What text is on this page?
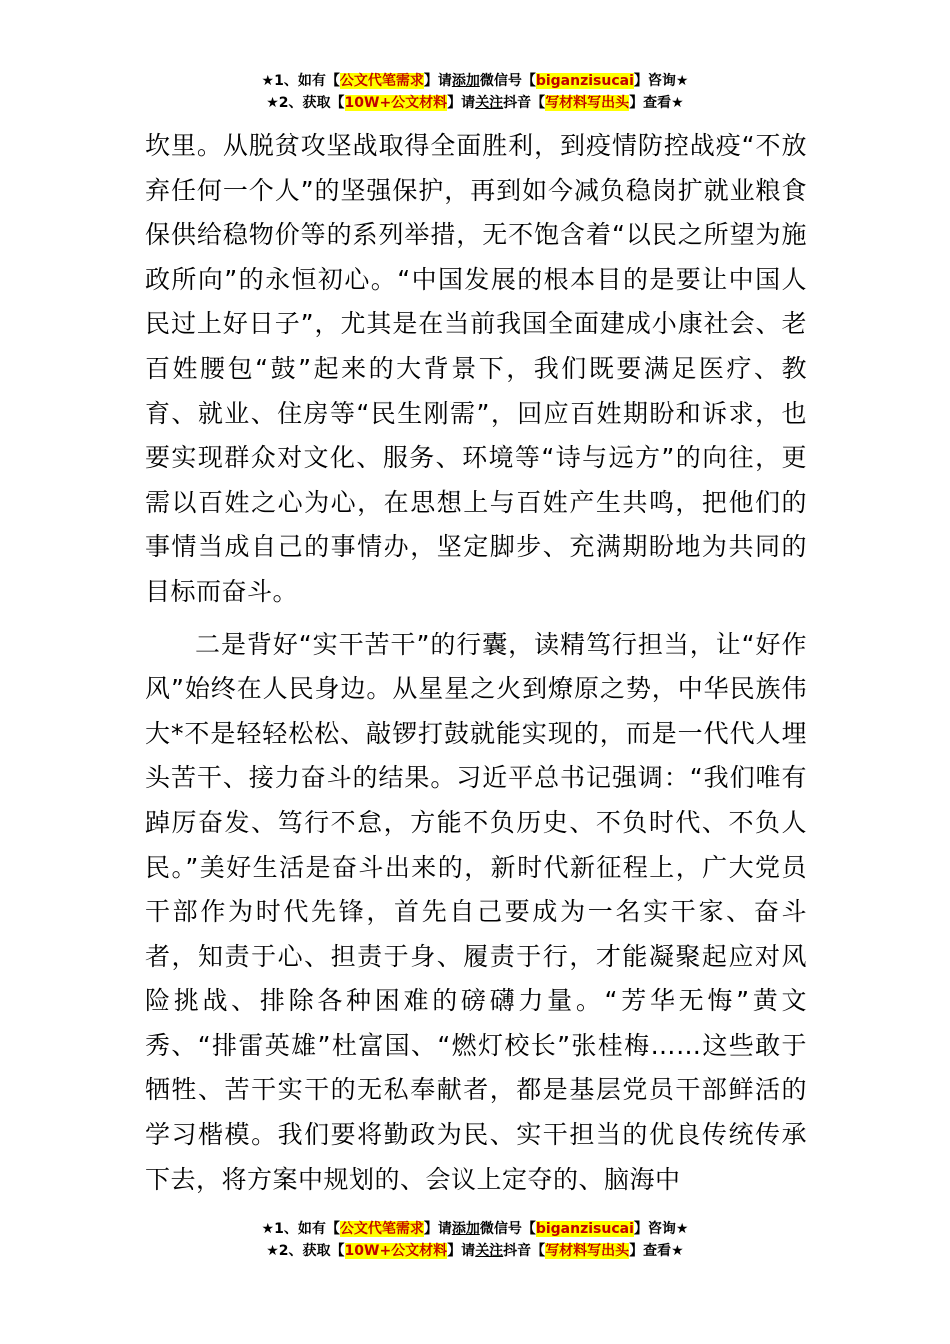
★1、如有【公文代笔需求】请添加微信号【biganzisucai】咨询★
★2、获取【10W+公文材料】请关注抖音【写材料写出头】查看★

坎里。从脱贫攻坚战取得全面胜利，到疫情防控战疫“不放弃任何一个人”的坚强保护，再到如今减负稳岗扩就业粮食保供给稳物价等的系列举措，无不饱含着“以民之所望为施政所向”的永恒初心。“中国发展的根本目的是要让中国人民过上好日子”，尤其是在当前我国全面建成小康社会、老百姓腰包“鼓”起来的大背景下，我们既要满足医疗、教育、就业、住房等“民生刚需”，回应百姓期盼和诉求，也要实现群众对文化、服务、环境等“诗与远方”的向往，更需以百姓之心为心，在思想上与百姓产生共鸣，把他们的事情当成自己的事情办，坚定脚步、充满期盼地为共同的目标而奋斗。

二是背好“实干苦干”的行囊，读精笃行担当，让“好作风”始终在人民身边。从星星之火到燎原之势，中华民族伟大*不是轻轻松松、敲锣打鼓就能实现的，而是一代代人埋头苦干、接力奋斗的结果。习近平总书记强调：“我们唯有踔厉奋发、笃行不怠，方能不负历史、不负时代、不负人民。”美好生活是奋斗出来的，新时代新征程上，广大党员干部作为时代先锋，首先自己要成为一名实干家、奋斗者，知责于心、担责于身、履责于行，才能凝聚起应对风险挑战、排除各种困难的磅礴力量。“芳华无悔”黄文秀、“排雷英雄”杜富国、“燃灯校长”张桂梅……这些敢于牺牲、苦干实干的无私奉献者，都是基层党员干部鲜活的学习楷模。我们要将勤政为民、实干担当的优良传统传承下去，将方案中规划的、会议上定夺的、脑海中

★1、如有【公文代笔需求】请添加微信号【biganzisucai】咨询★
★2、获取【10W+公文材料】请关注抖音【写材料写出头】查看★
